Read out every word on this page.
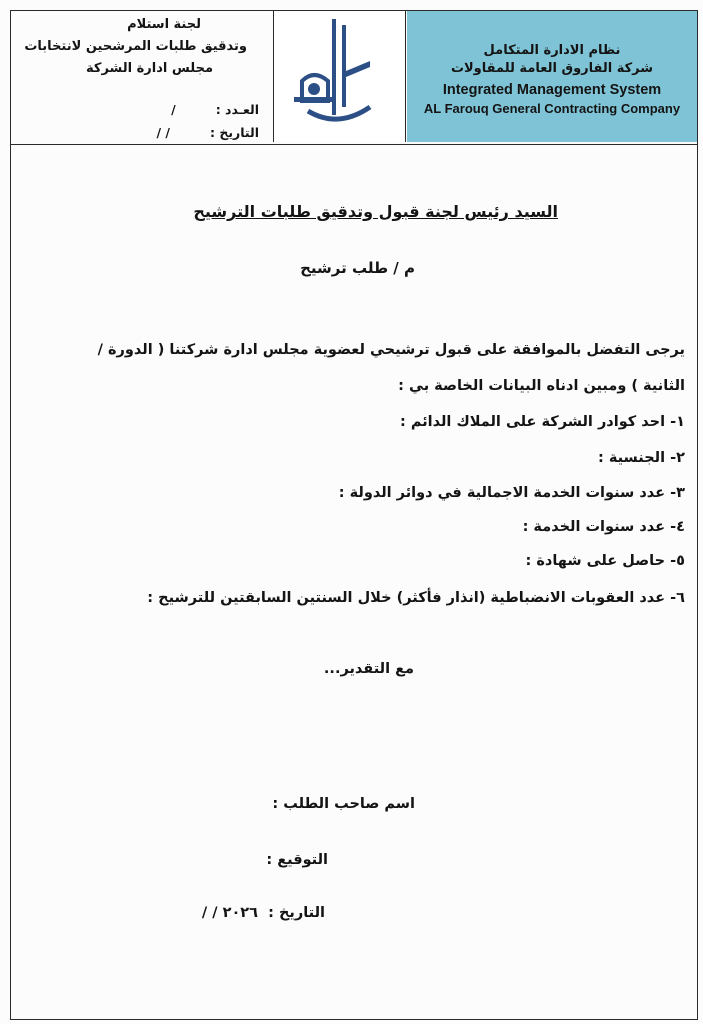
لجنة استلام
وتدقيق طلبات المرشحين لانتخابات
مجلس ادارة الشركة
العـدد :/
التاريخ :/ /
نظام الادارة المتكامل
شركة الفاروق العامة للمقاولات
Integrated Management System
AL Farouq General Contracting Company
السيد رئيس لجنة قبول وتدقيق طلبات الترشيح
م / طلب ترشيح
يرجى التفضل بالموافقة على قبول ترشيحي لعضوية مجلس ادارة شركتنا ( الدورة /
الثانية ) ومبين ادناه البيانات الخاصة بي :
١- احد كوادر الشركة على الملاك الدائم :
٢- الجنسية :
٣- عدد سنوات الخدمة الاجمالية في دوائر الدولة :
٤- عدد سنوات الخدمة :
٥- حاصل على شهادة :
٦- عدد العقوبات الانضباطية (انذار فأكثر) خلال السنتين السابقتين للترشيح :
مع التقدير...
اسم صاحب الطلب :
التوقيع :
التاريخ :
/ / ٢٠٢٦
